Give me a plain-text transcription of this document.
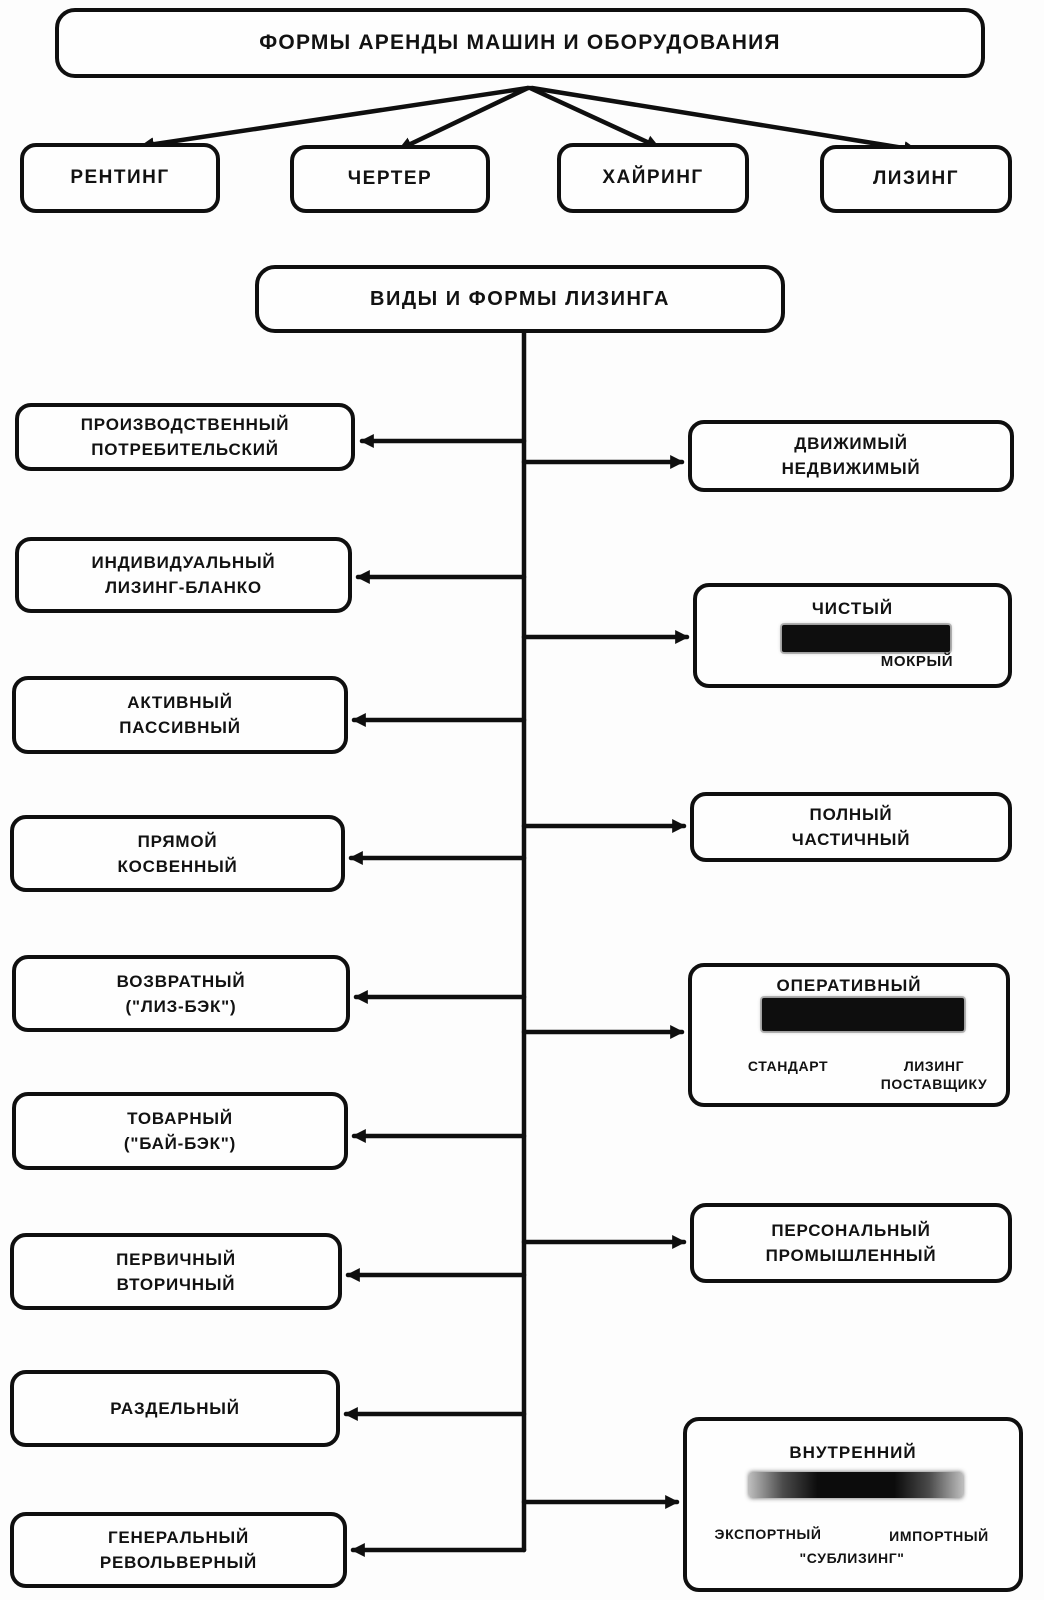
ФОРМЫ АРЕНДЫ МАШИН И ОБОРУДОВАНИЯ
РЕНТИНГ	ЧЕРТЕР	ХАЙРИНГ	ЛИЗИНГ
ВИДЫ И ФОРМЫ ЛИЗИНГА
ПРОИЗВОДСТВЕННЫЙ
ПОТРЕБИТЕЛЬСКИЙ
ИНДИВИДУАЛЬНЫЙ
ЛИЗИНГ-БЛАНКО
АКТИВНЫЙ
ПАССИВНЫЙ
ПРЯМОЙ
КОСВЕННЫЙ
ВОЗВРАТНЫЙ
("ЛИЗ-БЭК")
ТОВАРНЫЙ
("БАЙ-БЭК")
ПЕРВИЧНЫЙ
ВТОРИЧНЫЙ
РАЗДЕЛЬНЫЙ
ГЕНЕРАЛЬНЫЙ
РЕВОЛЬВЕРНЫЙ
ДВИЖИМЫЙ
НЕДВИЖИМЫЙ
ЧИСТЫЙ
МОКРЫЙ
ПОЛНЫЙ
ЧАСТИЧНЫЙ
ОПЕРАТИВНЫЙ
СТАНДАРТ	ЛИЗИНГ
ПОСТАВЩИКУ
ПЕРСОНАЛЬНЫЙ
ПРОМЫШЛЕННЫЙ
ВНУТРЕННИЙ
ЭКСПОРТНЫЙ	ИМПОРТНЫЙ
"СУБЛИЗИНГ"
